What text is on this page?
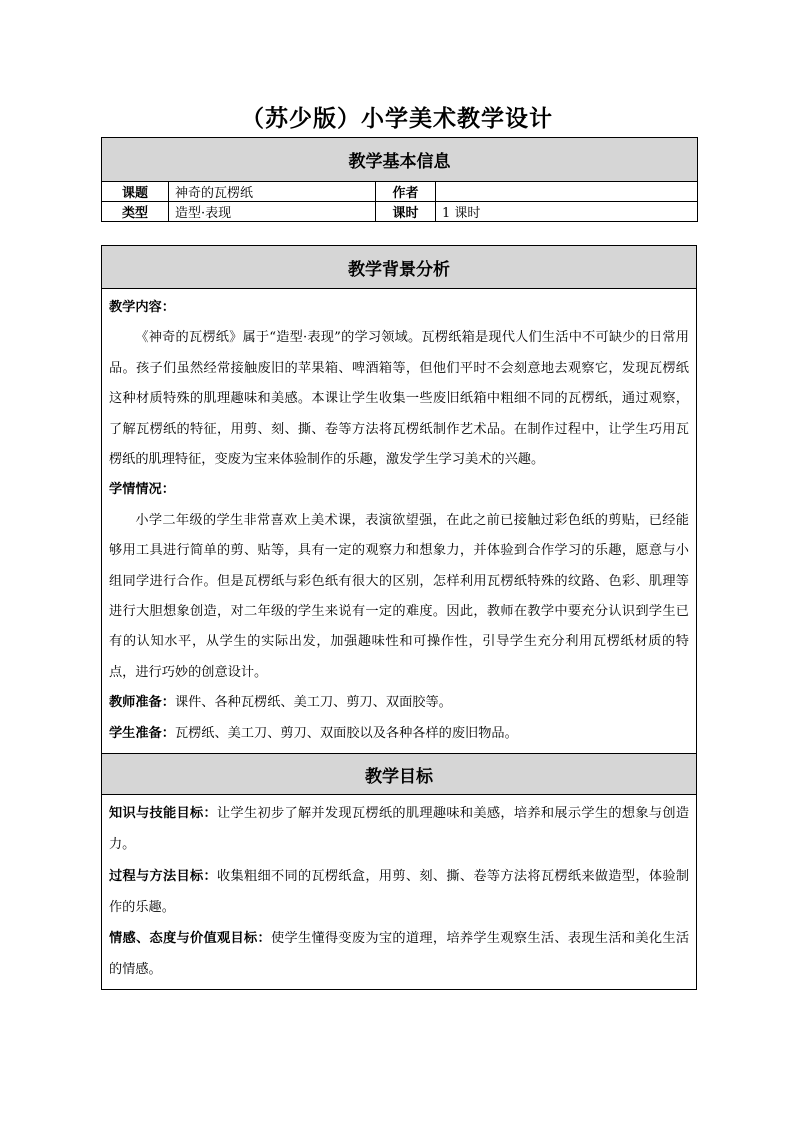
（苏少版）小学美术教学设计
教学基本信息			
课题	神奇的瓦楞纸	作者	
类型	造型·表现	课时	1 课时
教学背景分析

教学内容：

《神奇的瓦楞纸》属于“造型·表现”的学习领域。瓦楞纸箱是现代人们生活中不可缺少的日常用品。孩子们虽然经常接触废旧的苹果箱、啤酒箱等，但他们平时不会刻意地去观察它，发现瓦楞纸这种材质特殊的肌理趣味和美感。本课让学生收集一些废旧纸箱中粗细不同的瓦楞纸，通过观察，了解瓦楞纸的特征，用剪、刻、撕、卷等方法将瓦楞纸制作艺术品。在制作过程中，让学生巧用瓦楞纸的肌理特征，变废为宝来体验制作的乐趣，激发学生学习美术的兴趣。

学情情况：

小学二年级的学生非常喜欢上美术课，表演欲望强，在此之前已接触过彩色纸的剪贴，已经能够用工具进行简单的剪、贴等，具有一定的观察力和想象力，并体验到合作学习的乐趣，愿意与小组同学进行合作。但是瓦楞纸与彩色纸有很大的区别，怎样利用瓦楞纸特殊的纹路、色彩、肌理等进行大胆想象创造，对二年级的学生来说有一定的难度。因此，教师在教学中要充分认识到学生已有的认知水平，从学生的实际出发，加强趣味性和可操作性，引导学生充分利用瓦楞纸材质的特点，进行巧妙的创意设计。

教师准备：课件、各种瓦楞纸、美工刀、剪刀、双面胶等。

学生准备：瓦楞纸、美工刀、剪刀、双面胶以及各种各样的废旧物品。

教学目标

知识与技能目标：让学生初步了解并发现瓦楞纸的肌理趣味和美感，培养和展示学生的想象与创造力。

过程与方法目标：收集粗细不同的瓦楞纸盒，用剪、刻、撕、卷等方法将瓦楞纸来做造型，体验制作的乐趣。

情感、态度与价值观目标：使学生懂得变废为宝的道理，培养学生观察生活、表现生活和美化生活的情感。
